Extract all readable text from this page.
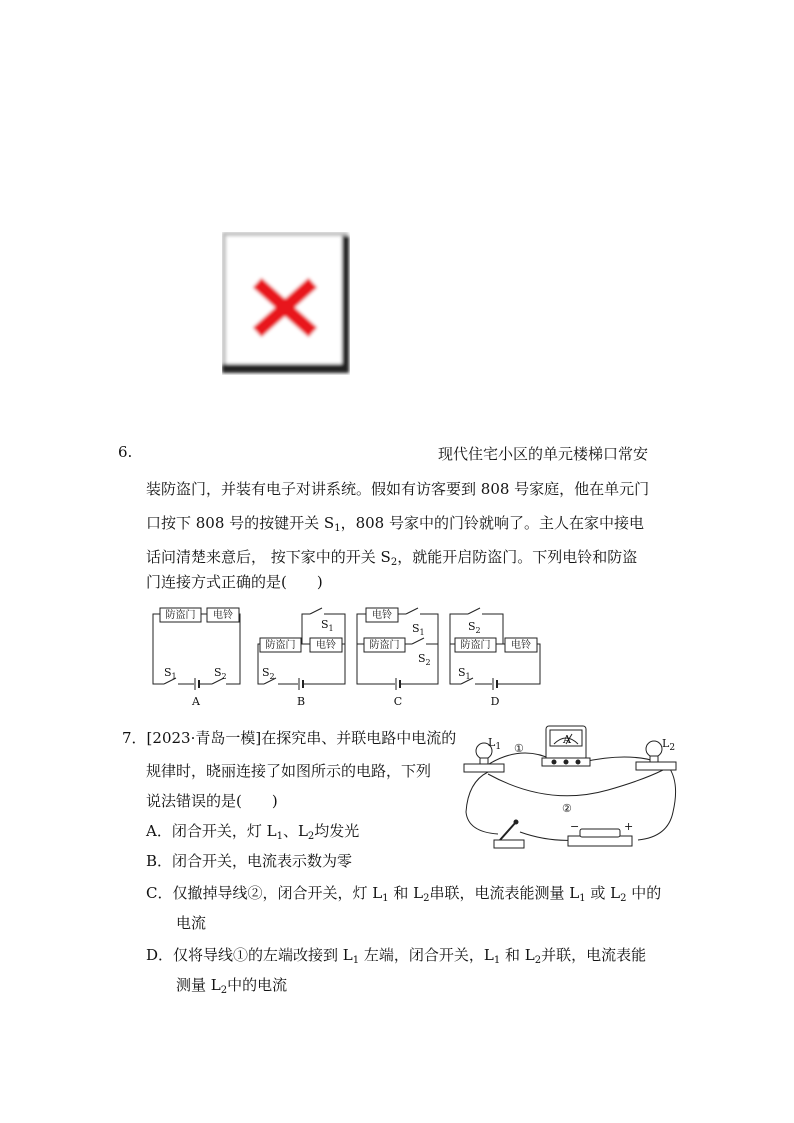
6.	现代住宅小区的单元楼梯口常安
装防盗门，并装有电子对讲系统。假如有访客要到 808 号家庭，他在单元门
口按下 808 号的按键开关 $S_1$，808 号家中的门铃就响了。主人在家中接电
话问清楚来意后， 按下家中的开关 $S_2$，就能开启防盗门。下列电铃和防盗
门连接方式正确的是(　　)
防盗门 电铃
$S_1$	$S_2$
A
$S_1$
防盗门 电铃
$S_2$
B
电铃
$S_1$
防盗门
$S_2$
C
$S_2$
防盗门 电铃
$S_1$
D
7．[2023·青岛一模]在探究串、并联电路中电流的
规律时，晓丽连接了如图所示的电路，下列
说法错误的是(　　)
A．闭合开关，灯 $L_1$、$L_2$均发光
B．闭合开关，电流表示数为零
C．仅撤掉导线②，闭合开关，灯 $L_1$ 和 $L_2$串联，电流表能测量 $L_1$ 或 $L_2$ 中的
电流
D．仅将导线①的左端改接到 $L_1$ 左端，闭合开关，$L_1$ 和 $L_2$并联，电流表能
测量 $L_2$中的电流
$L_1$ ①
A	$L_2$
②
−	+
